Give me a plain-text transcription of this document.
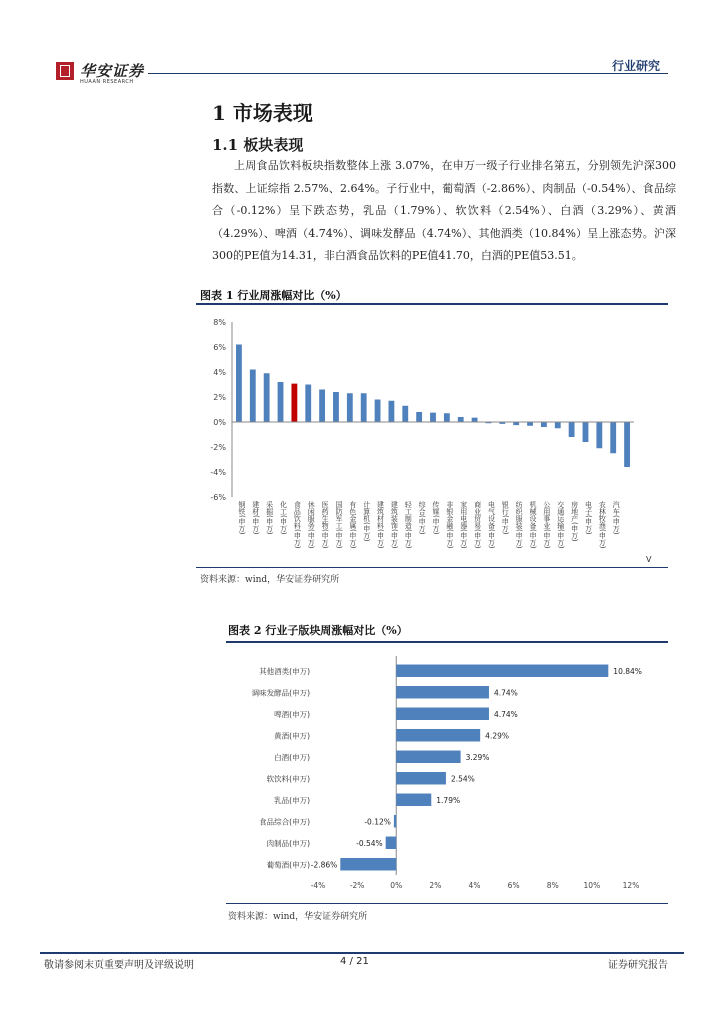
华安证券
HUAAN RESEARCH
行业研究
1 市场表现
1.1 板块表现
上周食品饮料板块指数整体上涨 3.07%，在申万一级子行业排名第五，分别领先沪深300指数、上证综指 2.57%、2.64%。子行业中，葡萄酒（-2.86%）、肉制品（-0.54%）、食品综合（-0.12%）呈下跌态势，乳品（1.79%）、软饮料（2.54%）、白酒（3.29%）、黄酒（4.29%）、啤酒（4.74%）、调味发酵品（4.74%）、其他酒类（10.84%）呈上涨态势。沪深300的PE值为14.31，非白酒食品饮料的PE值41.70，白酒的PE值53.51。
图表 1 行业周涨幅对比（%）
-6%
-4%
-2%
0%
2%
4%
6%
8%
钢铁(申万) 建材(申万) 采掘(申万) 化工(申万) 食品饮料(申万) 休闲服务(申万) 医药生物(申万) 国防军工(申万) 有色金属(申万) 计算机(申万) 建筑材料(申万) 建筑装饰(申万) 轻工制造(申万) 综合(申万) 传媒(申万) 非银金融(申万) 家用电器(申万) 商业贸易(申万) 电气设备(申万) 银行(申万) 纺织服装(申万) 机械设备(申万) 公用事业(申万) 交通运输(申万) 房地产(申万) 电子(申万) 农林牧渔(申万) 汽车(申万)
V
资料来源：wind，华安证券研究所
图表 2 行业子版块周涨幅对比（%）
其他酒类(申万)	10.84%
调味发酵品(申万)	4.74%
啤酒(申万)	4.74%
黄酒(申万)	4.29%
白酒(申万)	3.29%
软饮料(申万)	2.54%
乳品(申万)	1.79%
食品综合(申万)	-0.12%
肉制品(申万)	-0.54%
葡萄酒(申万) -2.86%
-4%	-2%	0%	2%	4%	6%	8%	10%	12%
资料来源：wind，华安证券研究所
敬请参阅末页重要声明及评级说明	4 / 21	证券研究报告
